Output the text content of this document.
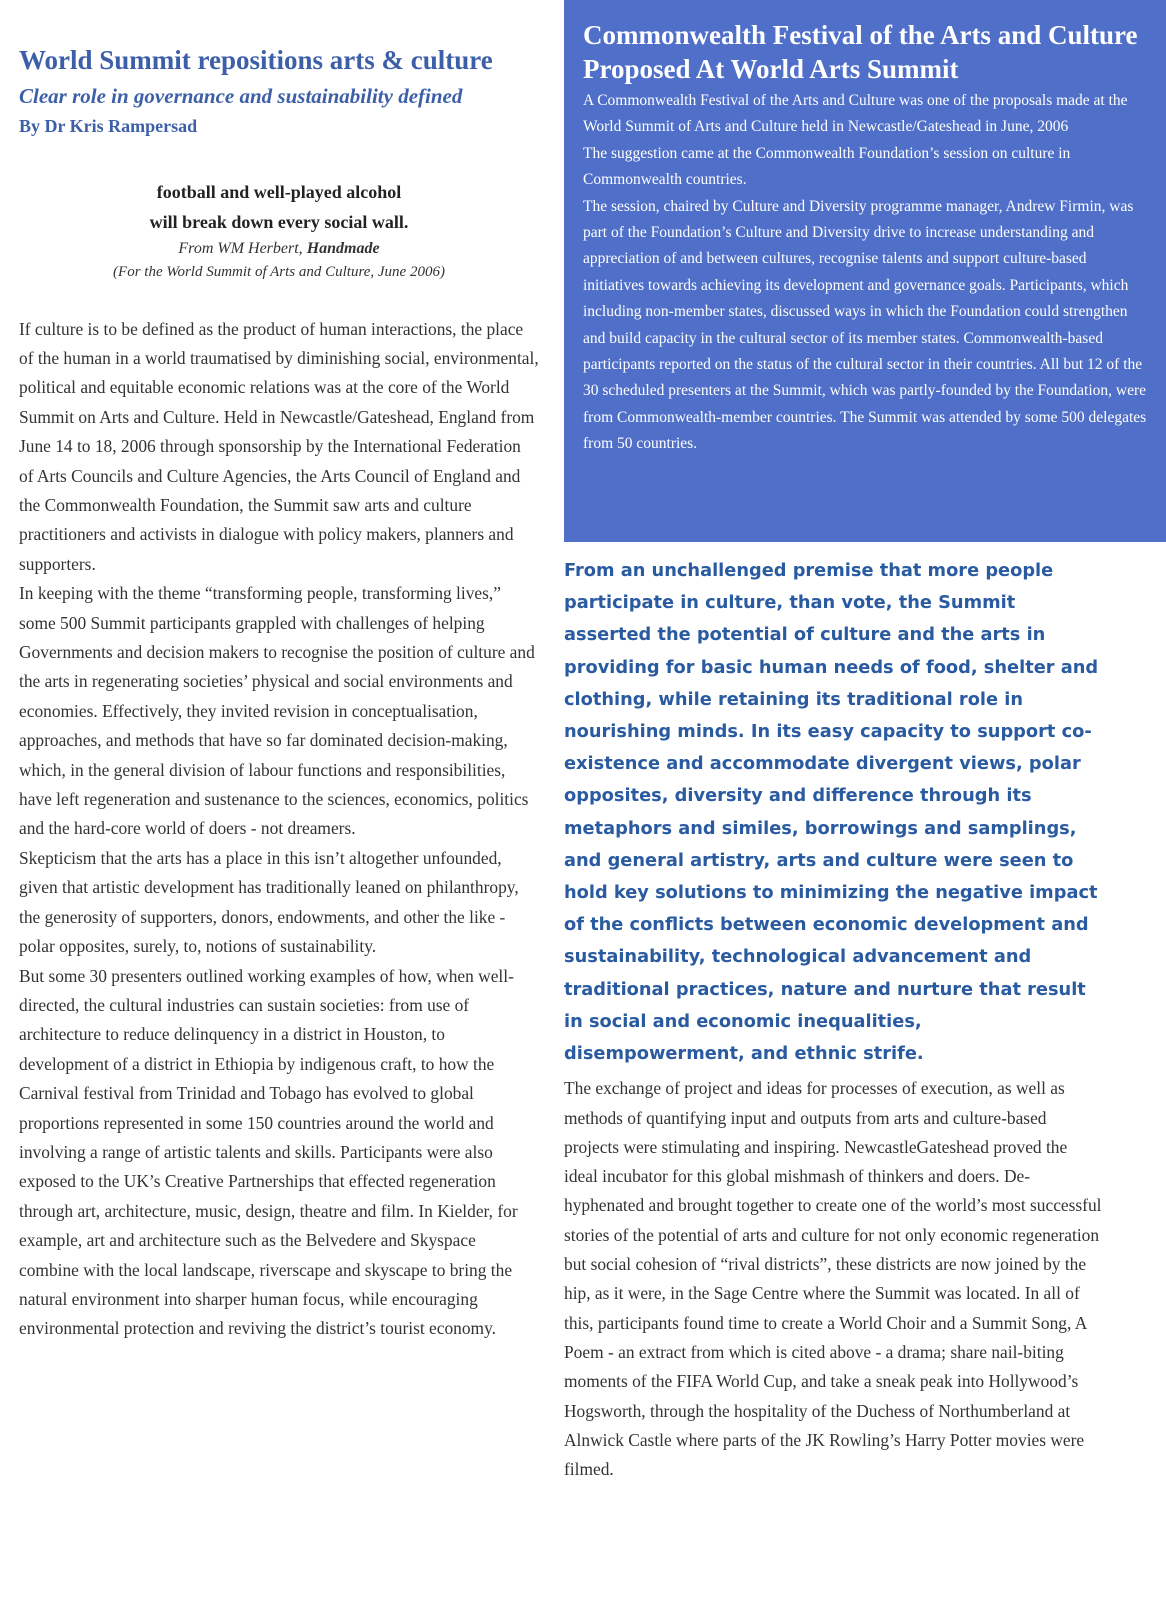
World Summit repositions arts & culture
Clear role in governance and sustainability defined
By Dr Kris Rampersad
football and well-played alcohol
will break down every social wall.
From WM Herbert, Handmade
(For the World Summit of Arts and Culture, June 2006)

If culture is to be defined as the product of human interactions, the place of the human in a world traumatised by diminishing social, environmental, political and equitable economic relations was at the core of the World Summit on Arts and Culture. Held in Newcastle/Gateshead, England from June 14 to 18, 2006 through sponsorship by the International Federation of Arts Councils and Culture Agencies, the Arts Council of England and the Commonwealth Foundation, the Summit saw arts and culture practitioners and activists in dialogue with policy makers, planners and supporters.

In keeping with the theme “transforming people, transforming lives,” some 500 Summit participants grappled with challenges of helping Governments and decision makers to recognise the position of culture and the arts in regenerating societies’ physical and social environments and economies. Effectively, they invited revision in conceptualisation, approaches, and methods that have so far dominated decision-making, which, in the general division of labour functions and responsibilities, have left regeneration and sustenance to the sciences, economics, politics and the hard-core world of doers - not dreamers.

Skepticism that the arts has a place in this isn’t altogether unfounded, given that artistic development has traditionally leaned on philanthropy, the generosity of supporters, donors, endowments, and other the like - polar opposites, surely, to, notions of sustainability.

But some 30 presenters outlined working examples of how, when well-directed, the cultural industries can sustain societies: from use of architecture to reduce delinquency in a district in Houston, to development of a district in Ethiopia by indigenous craft, to how the Carnival festival from Trinidad and Tobago has evolved to global proportions represented in some 150 countries around the world and involving a range of artistic talents and skills. Participants were also exposed to the UK’s Creative Partnerships that effected regeneration through art, architecture, music, design, theatre and film. In Kielder, for example, art and architecture such as the Belvedere and Skyspace combine with the local landscape, riverscape and skyscape to bring the natural environment into sharper human focus, while encouraging environmental protection and reviving the district’s tourist economy.

Commonwealth Festival of the Arts and Culture Proposed At World Arts Summit

A Commonwealth Festival of the Arts and Culture was one of the proposals made at the World Summit of Arts and Culture held in Newcastle/Gateshead in June, 2006

The suggestion came at the Commonwealth Foundation’s session on culture in Commonwealth countries.

The session, chaired by Culture and Diversity programme manager, Andrew Firmin, was part of the Foundation’s Culture and Diversity drive to increase understanding and appreciation of and between cultures, recognise talents and support culture-based initiatives towards achieving its development and governance goals. Participants, which including non-member states, discussed ways in which the Foundation could strengthen and build capacity in the cultural sector of its member states. Commonwealth-based participants reported on the status of the cultural sector in their countries. All but 12 of the 30 scheduled presenters at the Summit, which was partly-founded by the Foundation, were from Commonwealth-member countries. The Summit was attended by some 500 delegates from 50 countries.

From an unchallenged premise that more people participate in culture, than vote, the Summit asserted the potential of culture and the arts in providing for basic human needs of food, shelter and clothing, while retaining its traditional role in nourishing minds. In its easy capacity to support co-existence and accommodate divergent views, polar opposites, diversity and difference through its metaphors and similes, borrowings and samplings, and general artistry, arts and culture were seen to hold key solutions to minimizing the negative impact of the conflicts between economic development and sustainability, technological advancement and traditional practices, nature and nurture that result in social and economic inequalities, disempowerment, and ethnic strife.

The exchange of project and ideas for processes of execution, as well as methods of quantifying input and outputs from arts and culture-based projects were stimulating and inspiring. NewcastleGateshead proved the ideal incubator for this global mishmash of thinkers and doers. De-hyphenated and brought together to create one of the world’s most successful stories of the potential of arts and culture for not only economic regeneration but social cohesion of “rival districts”, these districts are now joined by the hip, as it were, in the Sage Centre where the Summit was located. In all of this, participants found time to create a World Choir and a Summit Song, A Poem - an extract from which is cited above - a drama; share nail-biting moments of the FIFA World Cup, and take a sneak peak into Hollywood’s Hogsworth, through the hospitality of the Duchess of Northumberland at Alnwick Castle where parts of the JK Rowling’s Harry Potter movies were filmed.
